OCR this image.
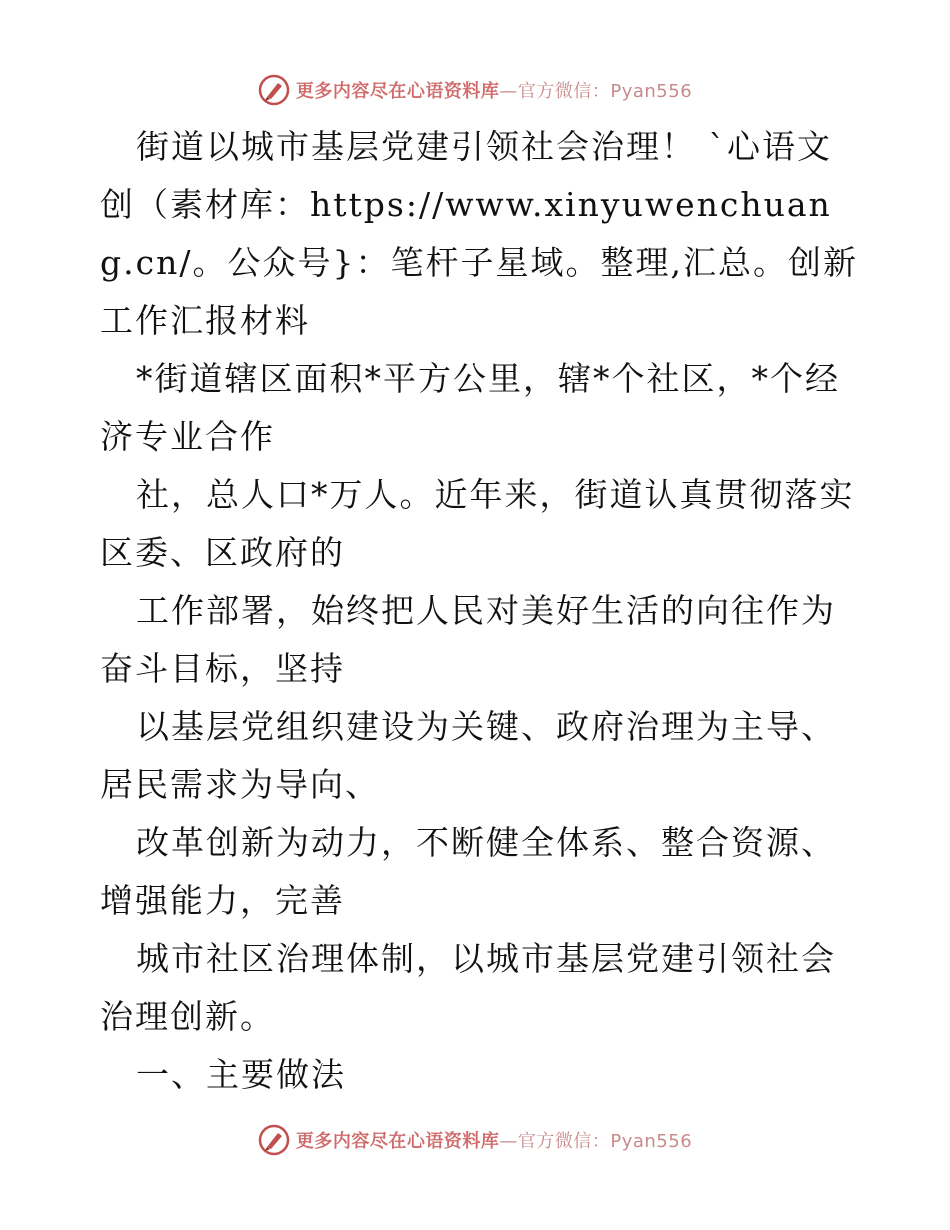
更多内容尽在心语资料库—官方微信：Pyan556

街道以城市基层党建引领社会治理！ `心语文创（素材库：https://www.xinyuwenchuang.cn/。公众号}：笔杆子星域。整理,汇总。创新工作汇报材料

*街道辖区面积*平方公里，辖*个社区，*个经济专业合作

社，总人口*万人。近年来，街道认真贯彻落实区委、区政府的

工作部署，始终把人民对美好生活的向往作为奋斗目标，坚持

以基层党组织建设为关键、政府治理为主导、居民需求为导向、

改革创新为动力，不断健全体系、整合资源、增强能力，完善

城市社区治理体制，以城市基层党建引领社会治理创新。

一、主要做法

更多内容尽在心语资料库—官方微信：Pyan556
